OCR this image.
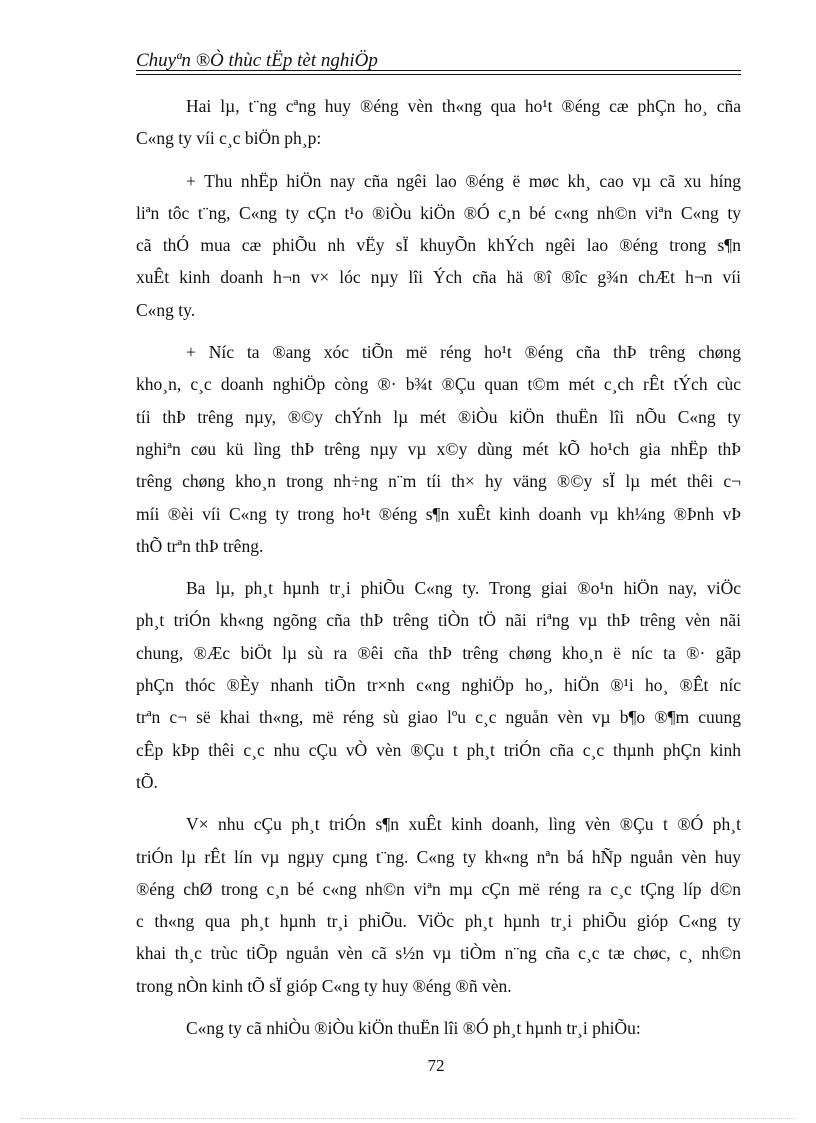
Chuyªn ®Ò thùc tËp tèt nghiÖp
Hai lµ, t¨ng cªng huy ®éng vèn th«ng qua ho¹t ®éng cæ phÇn ho¸ cña
C«ng ty víi c¸c biÖn ph¸p:
+ Thu nhËp hiÖn nay cña ngêi lao ®éng ë møc kh¸ cao vµ cã xu híng
liªn tôc t¨ng, C«ng ty cÇn t¹o ®iÒu kiÖn ®Ó c¸n bé c«ng nh©n viªn C«ng ty
cã thÓ mua cæ phiÕu nh vËy sÏ khuyÕn khÝch ngêi lao ®éng trong s¶n
xuÊt kinh doanh h¬n v× lóc nµy lîi Ých cña hä ®î ®îc g¾n chÆt h¬n víi
C«ng ty.
+ Níc ta ®ang xóc tiÕn më réng ho¹t ®éng cña thÞ trêng chøng
kho¸n, c¸c doanh nghiÖp còng ®· b¾t ®Çu quan t©m mét c¸ch rÊt tÝch cùc
tíi thÞ trêng nµy, ®©y chÝnh lµ mét ®iÒu kiÖn thuËn lîi nÕu C«ng ty
nghiªn cøu kü lìng thÞ trêng nµy vµ x©y dùng mét kÕ ho¹ch gia nhËp thÞ
trêng chøng kho¸n trong nh÷ng n¨m tíi th× hy väng ®©y sÏ lµ mét thêi c¬
míi ®èi víi C«ng ty trong ho¹t ®éng s¶n xuÊt kinh doanh vµ kh¼ng ®Þnh vÞ
thÕ trªn thÞ trêng.
Ba lµ, ph¸t hµnh tr¸i phiÕu C«ng ty. Trong giai ®o¹n hiÖn nay, viÖc
ph¸t triÓn kh«ng ngõng cña thÞ trêng tiÒn tÖ nãi riªng vµ thÞ trêng vèn nãi
chung, ®Æc biÖt lµ sù ra ®êi cña thÞ trêng chøng kho¸n ë níc ta ®· gãp
phÇn thóc ®Èy nhanh tiÕn tr×nh c«ng nghiÖp ho¸, hiÖn ®¹i ho¸ ®Êt níc
trªn c¬ së khai th«ng, më réng sù giao lºu c¸c nguån vèn vµ b¶o ®¶m cuung
cÊp kÞp thêi c¸c nhu cÇu vÒ vèn ®Çu t ph¸t triÓn cña c¸c thµnh phÇn kinh
tÕ.
V× nhu cÇu ph¸t triÓn s¶n xuÊt kinh doanh, lìng vèn ®Çu t ®Ó ph¸t
triÓn lµ rÊt lín vµ ngµy cµng t¨ng. C«ng ty kh«ng nªn bá hÑp nguån vèn huy
®éng chØ trong c¸n bé c«ng nh©n viªn mµ cÇn më réng ra c¸c tÇng líp d©n
c th«ng qua ph¸t hµnh tr¸i phiÕu. ViÖc ph¸t hµnh tr¸i phiÕu gióp C«ng ty
khai th¸c trùc tiÕp nguån vèn cã s½n vµ tiÒm n¨ng cña c¸c tæ chøc, c¸ nh©n
trong nÒn kinh tÕ sÏ gióp C«ng ty huy ®éng ®ñ vèn.
C«ng ty cã nhiÒu ®iÒu kiÖn thuËn lîi ®Ó ph¸t hµnh tr¸i phiÕu:
72
